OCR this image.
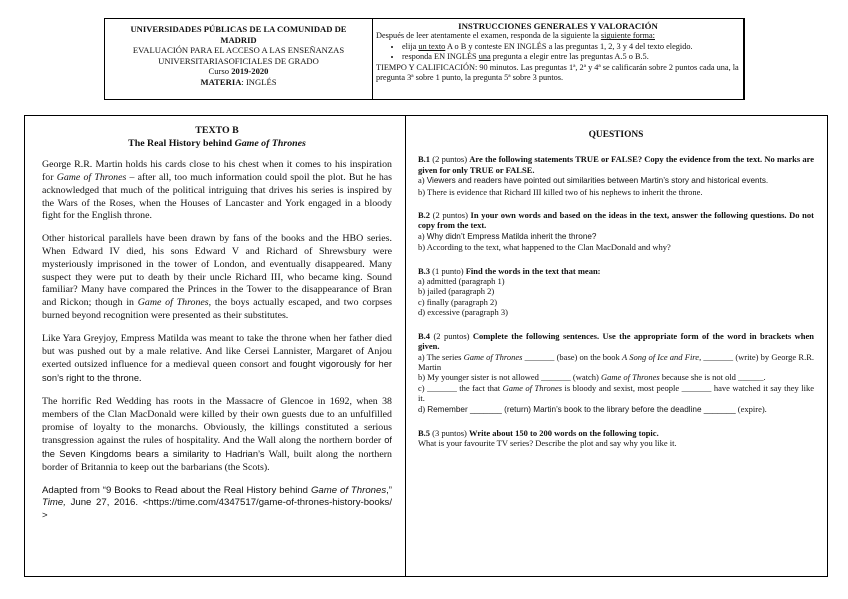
UNIVERSIDADES PÚBLICAS DE LA COMUNIDAD DE
MADRID
EVALUACIÓN PARA EL ACCESO A LAS ENSEÑANZAS
UNIVERSITARIASOFICIALES DE GRADO
Curso 2019-2020
MATERIA: INGLÉS
INSTRUCCIONES GENERALES Y VALORACIÓN
Después de leer atentamente el examen, responda de la siguiente la siguiente forma:
• elija un texto A o B y conteste EN INGLÉS a las preguntas 1, 2, 3 y 4 del texto elegido.
• responda EN INGLÉS una pregunta a elegir entre las preguntas A.5 o B.5.
TIEMPO Y CALIFICACIÓN: 90 minutos. Las preguntas 1ª, 2ª y 4ª se calificarán sobre 2 puntos cada una, la pregunta 3ª sobre 1 punto, la pregunta 5ª sobre 3 puntos.
TEXTO B
The Real History behind Game of Thrones

George R.R. Martin holds his cards close to his chest when it comes to his inspiration for Game of Thrones – after all, too much information could spoil the plot. But he has acknowledged that much of the political intriguing that drives his series is inspired by the Wars of the Roses, when the Houses of Lancaster and York engaged in a bloody fight for the English throne.

Other historical parallels have been drawn by fans of the books and the HBO series. When Edward IV died, his sons Edward V and Richard of Shrewsbury were mysteriously imprisoned in the tower of London, and eventually disappeared. Many suspect they were put to death by their uncle Richard III, who became king. Sound familiar? Many have compared the Princes in the Tower to the disappearance of Bran and Rickon; though in Game of Thrones, the boys actually escaped, and two corpses burned beyond recognition were presented as their substitutes.

Like Yara Greyjoy, Empress Matilda was meant to take the throne when her father died but was pushed out by a male relative. And like Cersei Lannister, Margaret of Anjou exerted outsized influence for a medieval queen consort and fought vigorously for her son’s right to the throne.

The horrific Red Wedding has roots in the Massacre of Glencoe in 1692, when 38 members of the Clan MacDonald were killed by their own guests due to an unfulfilled promise of loyalty to the monarchs. Obviously, the killings constituted a serious transgression against the rules of hospitality. And the Wall along the northern border of the Seven Kingdoms bears a similarity to Hadrian’s Wall, built along the northern border of Britannia to keep out the barbarians (the Scots).

Adapted from “9 Books to Read about the Real History behind Game of Thrones,” Time, June 27, 2016. <https://time.com/4347517/game-of-thrones-history-books/ >

QUESTIONS
B.1 (2 puntos) Are the following statements TRUE or FALSE? Copy the evidence from the text. No marks are given for only TRUE or FALSE.
a) Viewers and readers have pointed out similarities between Martin’s story and historical events.
b) There is evidence that Richard III killed two of his nephews to inherit the throne.
B.2 (2 puntos) In your own words and based on the ideas in the text, answer the following questions. Do not copy from the text.
a) Why didn’t Empress Matilda inherit the throne?
b) According to the text, what happened to the Clan MacDonald and why?
B.3 (1 punto) Find the words in the text that mean:
a) admitted (paragraph 1)
b) jailed (paragraph 2)
c) finally (paragraph 2)
d) excessive (paragraph 3)
B.4 (2 puntos) Complete the following sentences. Use the appropriate form of the word in brackets when given.
a) The series Game of Thrones _______ (base) on the book A Song of Ice and Fire, _______ (write) by George R.R. Martin
b) My younger sister is not allowed _______ (watch) Game of Thrones because she is not old ______.
c) _______ the fact that Game of Thrones is bloody and sexist, most people _______ have watched it say they like it.
d) Remember _______ (return) Martin’s book to the library before the deadline _______ (expire).
B.5 (3 puntos) Write about 150 to 200 words on the following topic.
What is your favourite TV series? Describe the plot and say why you like it.
